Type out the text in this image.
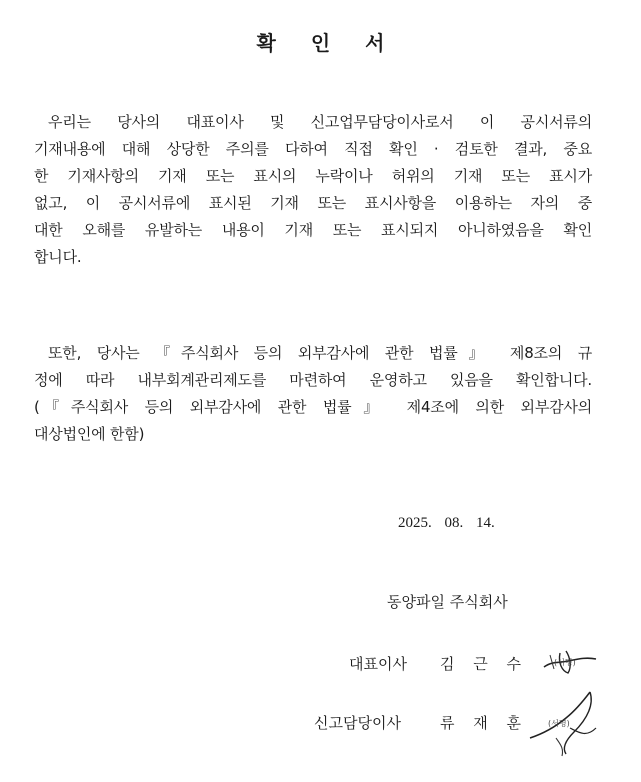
확 인 서
우리는 당사의 대표이사 및 신고업무담당이사로서 이 공시서류의
기재내용에 대해 상당한 주의를 다하여 직접 확인 · 검토한 결과, 중요
한 기재사항의 기재 또는 표시의 누락이나 허위의 기재 또는 표시가
없고, 이 공시서류에 표시된 기재 또는 표시사항을 이용하는 자의 중
대한 오해를 유발하는 내용이 기재 또는 표시되지 아니하였음을 확인
합니다.
또한, 당사는 『주식회사 등의 외부감사에 관한 법률』 제8조의 규
정에 따라 내부회계관리제도를 마련하여 운영하고 있음을 확인합니다.
(『주식회사 등의 외부감사에 관한 법률』 제4조에 의한 외부감사의
대상법인에 한함)
2025. 08. 14.
동양파일 주식회사
대표이사 김 근 수	(서명)
신고담당이사	류 재 훈 (서명)
